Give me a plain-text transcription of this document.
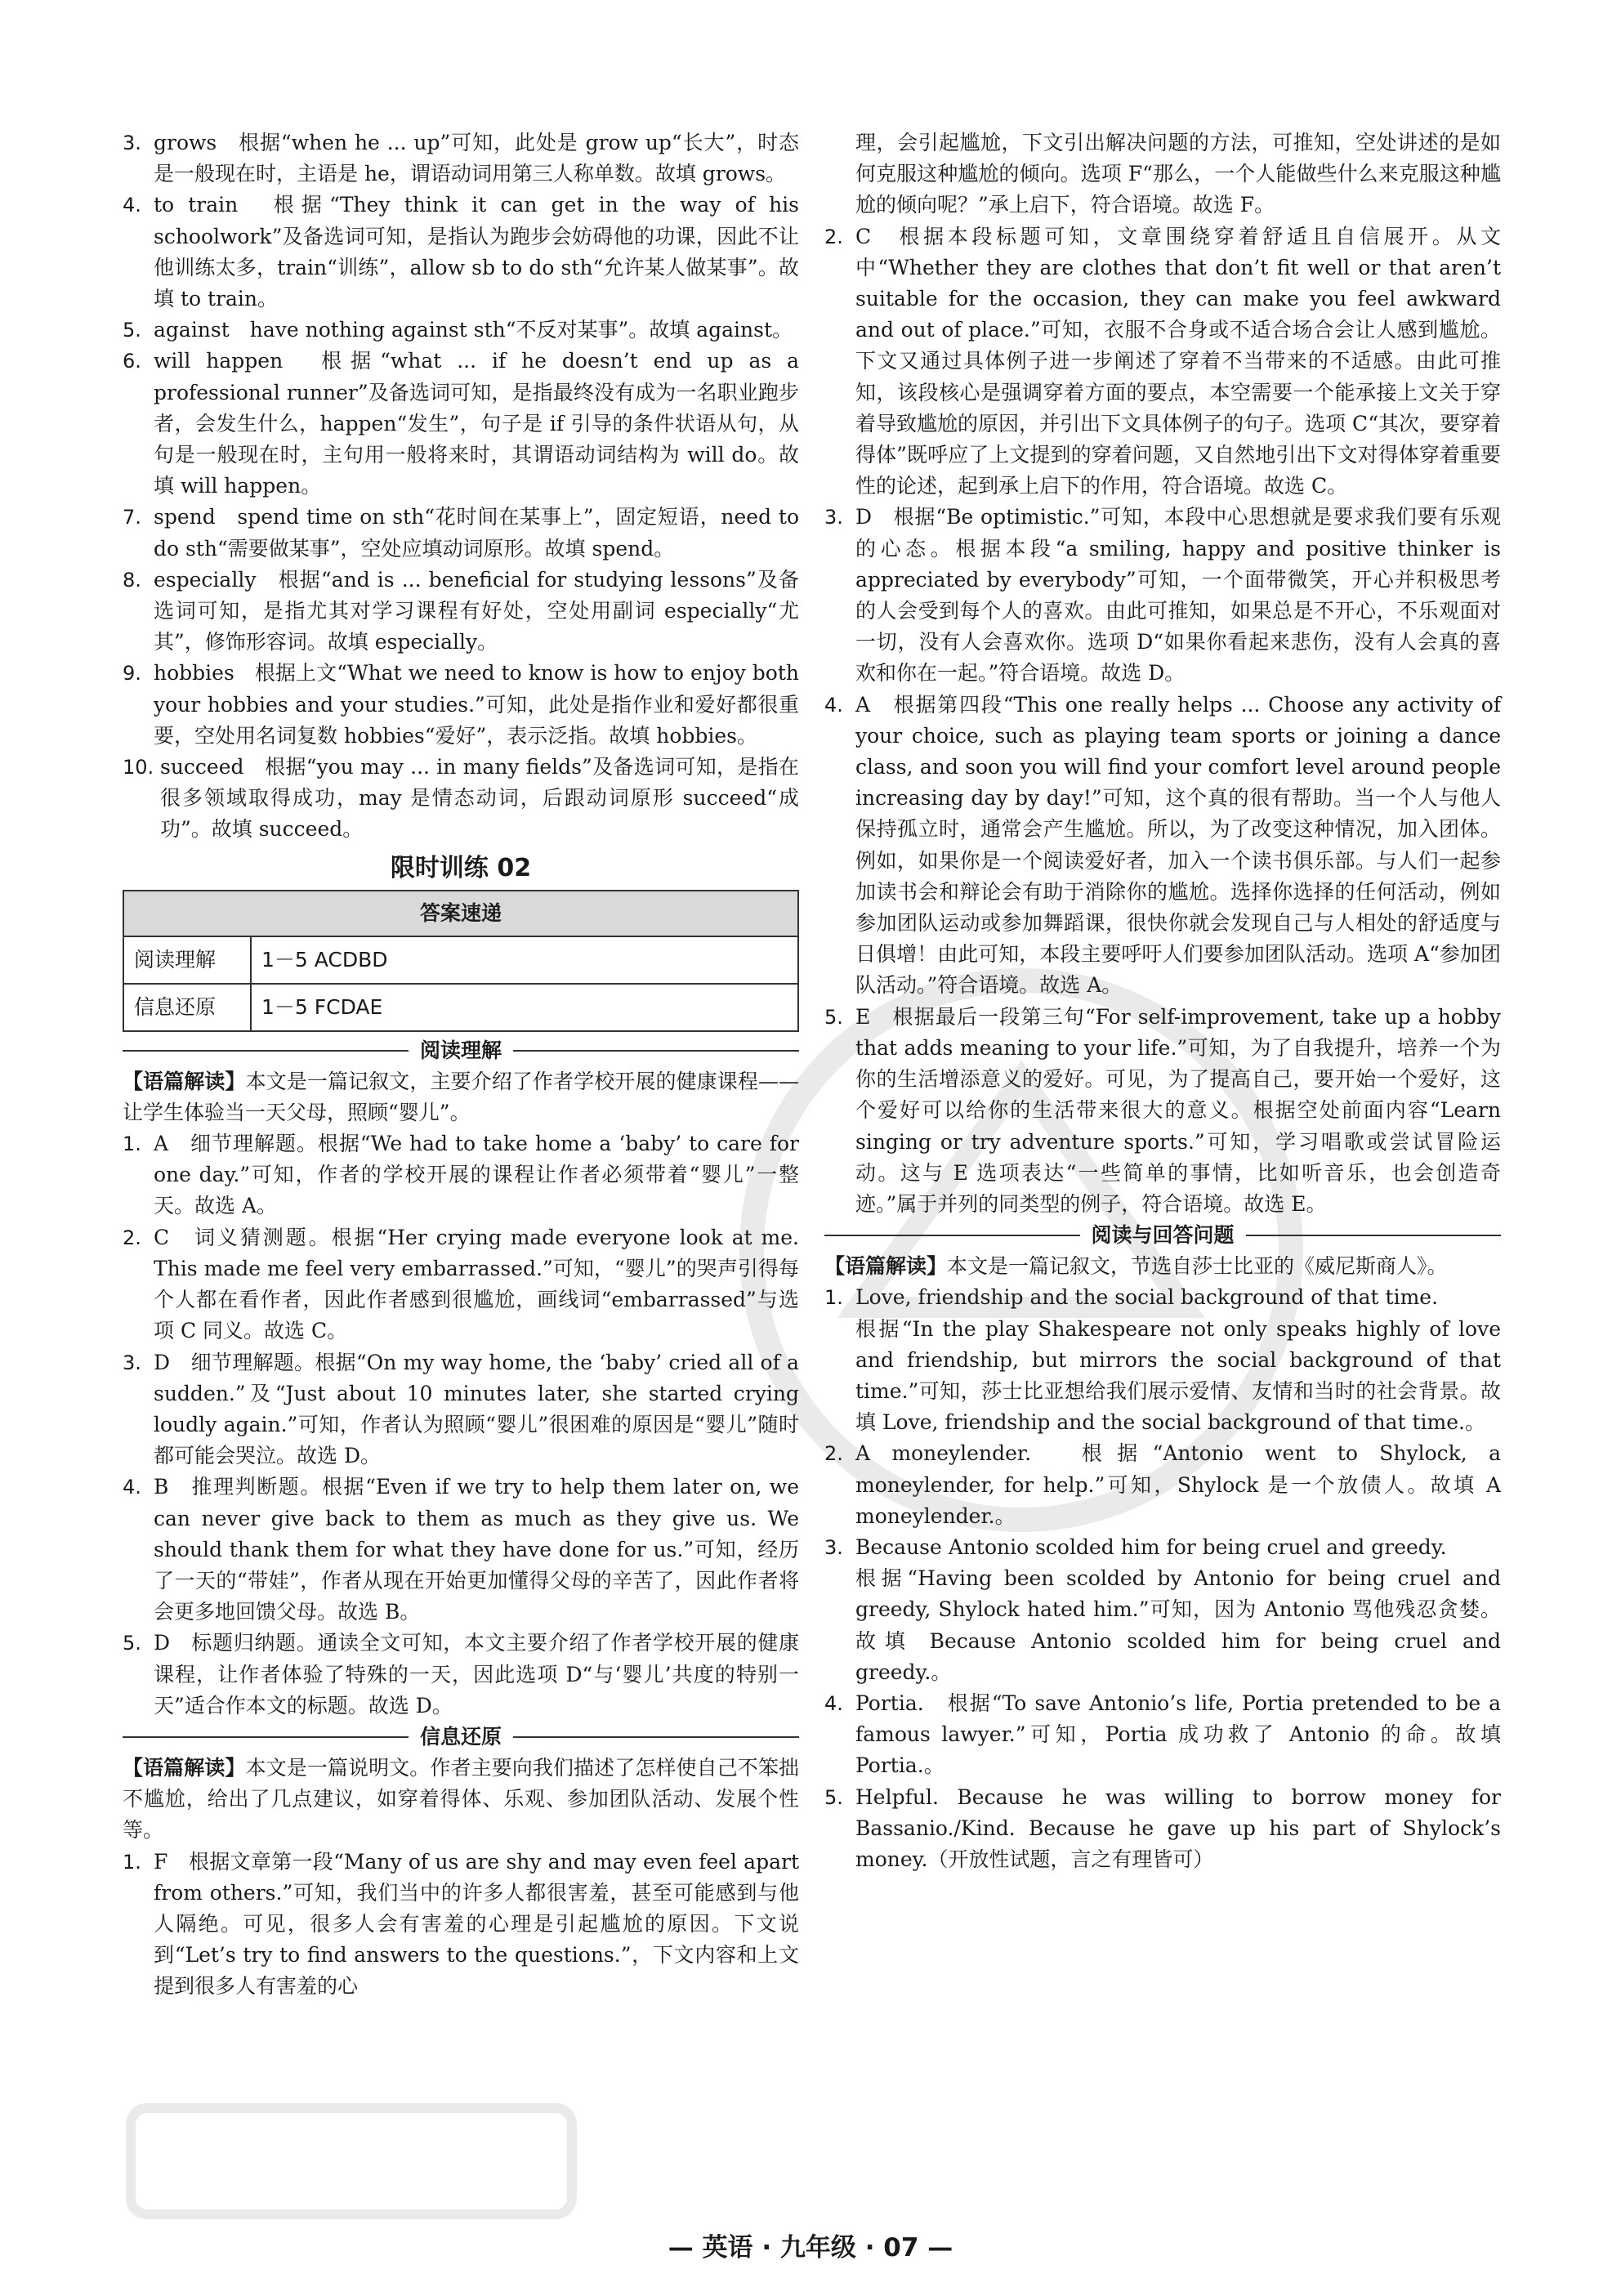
3. grows　根据“when he ... up”可知，此处是 grow up“长大”，时态是一般现在时，主语是 he，谓语动词用第三人称单数。故填 grows。
4. to train　根据“They think it can get in the way of his schoolwork”及备选词可知，是指认为跑步会妨碍他的功课，因此不让他训练太多，train“训练”，allow sb to do sth“允许某人做某事”。故填 to train。
5. against　have nothing against sth“不反对某事”。故填 against。
6. will happen　根据“what ... if he doesn’t end up as a professional runner”及备选词可知，是指最终没有成为一名职业跑步者，会发生什么，happen“发生”，句子是 if 引导的条件状语从句，从句是一般现在时，主句用一般将来时，其谓语动词结构为 will do。故填 will happen。
7. spend　spend time on sth“花时间在某事上”，固定短语，need to do sth“需要做某事”，空处应填动词原形。故填 spend。
8. especially　根据“and is ... beneficial for studying lessons”及备选词可知，是指尤其对学习课程有好处，空处用副词 especially“尤其”，修饰形容词。故填 especially。
9. hobbies　根据上文“What we need to know is how to enjoy both your hobbies and your studies.”可知，此处是指作业和爱好都很重要，空处用名词复数 hobbies“爱好”，表示泛指。故填 hobbies。
10. succeed　根据“you may ... in many fields”及备选词可知，是指在很多领域取得成功，may 是情态动词，后跟动词原形 succeed“成功”。故填 succeed。
限时训练 02
答案速递	
阅读理解	1－5 ACDBD
信息还原	1－5 FCDAE
阅读理解

【语篇解读】本文是一篇记叙文，主要介绍了作者学校开展的健康课程——让学生体验当一天父母，照顾“婴儿”。

1. A　细节理解题。根据“We had to take home a ‘baby’ to care for one day.”可知，作者的学校开展的课程让作者必须带着“婴儿”一整天。故选 A。
2. C　词义猜测题。根据“Her crying made everyone look at me. This made me feel very embarrassed.”可知，“婴儿”的哭声引得每个人都在看作者，因此作者感到很尴尬，画线词“embarrassed”与选项 C 同义。故选 C。
3. D　细节理解题。根据“On my way home, the ‘baby’ cried all of a sudden.”及“Just about 10 minutes later, she started crying loudly again.”可知，作者认为照顾“婴儿”很困难的原因是“婴儿”随时都可能会哭泣。故选 D。
4. B　推理判断题。根据“Even if we try to help them later on, we can never give back to them as much as they give us. We should thank them for what they have done for us.”可知，经历了一天的“带娃”，作者从现在开始更加懂得父母的辛苦了，因此作者将会更多地回馈父母。故选 B。
5. D　标题归纳题。通读全文可知，本文主要介绍了作者学校开展的健康课程，让作者体验了特殊的一天，因此选项 D“与‘婴儿’共度的特别一天”适合作本文的标题。故选 D。
信息还原

【语篇解读】本文是一篇说明文。作者主要向我们描述了怎样使自己不笨拙不尴尬，给出了几点建议，如穿着得体、乐观、参加团队活动、发展个性等。

1. F　根据文章第一段“Many of us are shy and may even feel apart from others.”可知，我们当中的许多人都很害羞，甚至可能感到与他人隔绝。可见，很多人会有害羞的心理是引起尴尬的原因。下文说到“Let’s try to find answers to the questions.”，下文内容和上文提到很多人有害羞的心

理，会引起尴尬，下文引出解决问题的方法，可推知，空处讲述的是如何克服这种尴尬的倾向。选项 F“那么，一个人能做些什么来克服这种尴尬的倾向呢？”承上启下，符合语境。故选 F。

2. C　根据本段标题可知，文章围绕穿着舒适且自信展开。从文中“Whether they are clothes that don’t fit well or that aren’t suitable for the occasion, they can make you feel awkward and out of place.”可知，衣服不合身或不适合场合会让人感到尴尬。下文又通过具体例子进一步阐述了穿着不当带来的不适感。由此可推知，该段核心是强调穿着方面的要点，本空需要一个能承接上文关于穿着导致尴尬的原因，并引出下文具体例子的句子。选项 C“其次，要穿着得体”既呼应了上文提到的穿着问题，又自然地引出下文对得体穿着重要性的论述，起到承上启下的作用，符合语境。故选 C。
3. D　根据“Be optimistic.”可知，本段中心思想就是要求我们要有乐观的心态。根据本段“a smiling, happy and positive thinker is appreciated by everybody”可知，一个面带微笑，开心并积极思考的人会受到每个人的喜欢。由此可推知，如果总是不开心，不乐观面对一切，没有人会喜欢你。选项 D“如果你看起来悲伤，没有人会真的喜欢和你在一起。”符合语境。故选 D。
4. A　根据第四段“This one really helps ... Choose any activity of your choice, such as playing team sports or joining a dance class, and soon you will find your comfort level around people increasing day by day!”可知，这个真的很有帮助。当一个人与他人保持孤立时，通常会产生尴尬。所以，为了改变这种情况，加入团体。例如，如果你是一个阅读爱好者，加入一个读书俱乐部。与人们一起参加读书会和辩论会有助于消除你的尴尬。选择你选择的任何活动，例如参加团队运动或参加舞蹈课，很快你就会发现自己与人相处的舒适度与日俱增！由此可知，本段主要呼吁人们要参加团队活动。选项 A“参加团队活动。”符合语境。故选 A。
5. E　根据最后一段第三句“For self-improvement, take up a hobby that adds meaning to your life.”可知，为了自我提升，培养一个为你的生活增添意义的爱好。可见，为了提高自己，要开始一个爱好，这个爱好可以给你的生活带来很大的意义。根据空处前面内容“Learn singing or try adventure sports.”可知，学习唱歌或尝试冒险运动。这与 E 选项表达“一些简单的事情，比如听音乐，也会创造奇迹。”属于并列的同类型的例子，符合语境。故选 E。
阅读与回答问题

【语篇解读】本文是一篇记叙文，节选自莎士比亚的《威尼斯商人》。

1. Love, friendship and the social background of that time.
根据“In the play Shakespeare not only speaks highly of love and friendship, but mirrors the social background of that time.”可知，莎士比亚想给我们展示爱情、友情和当时的社会背景。故填 Love, friendship and the social background of that time.。
2. A moneylender.　根据“Antonio went to Shylock, a moneylender, for help.”可知，Shylock 是一个放债人。故填 A moneylender.。
3. Because Antonio scolded him for being cruel and greedy.
根据“Having been scolded by Antonio for being cruel and greedy, Shylock hated him.”可知，因为 Antonio 骂他残忍贪婪。故填 Because Antonio scolded him for being cruel and greedy.。
4. Portia.　根据“To save Antonio’s life, Portia pretended to be a famous lawyer.”可知，Portia 成功救了 Antonio 的命。故填 Portia.。
5. Helpful. Because he was willing to borrow money for Bassanio./Kind. Because he gave up his part of Shylock’s money.（开放性试题，言之有理皆可）
— 英语 · 九年级 · 07 —
